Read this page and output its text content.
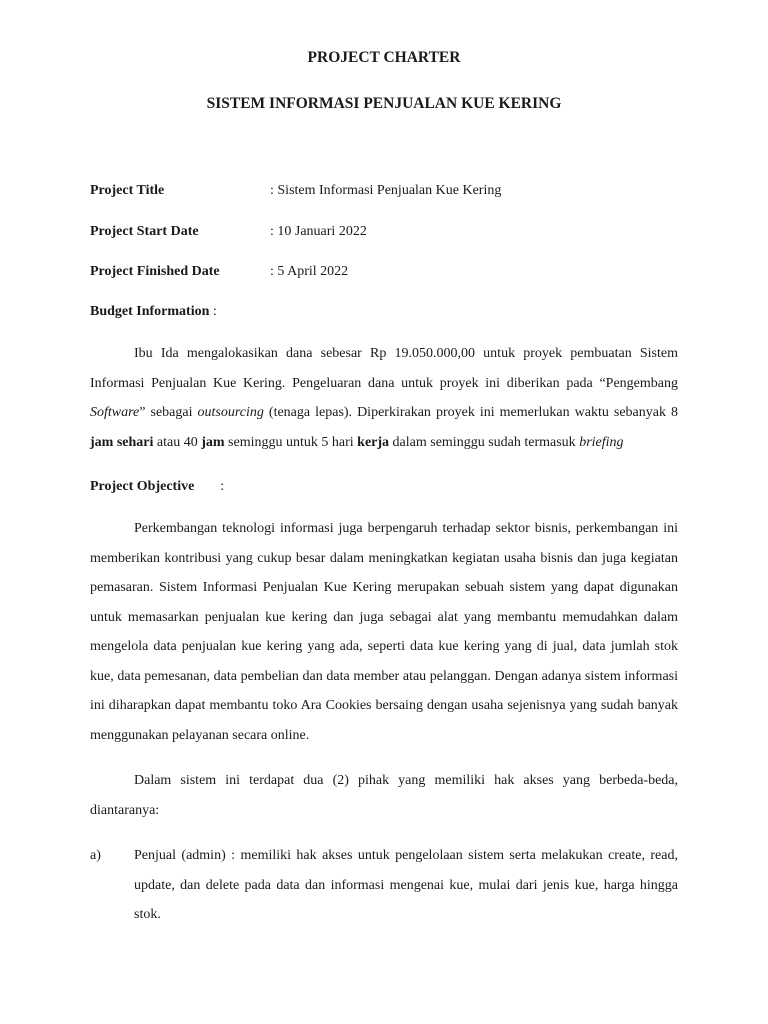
PROJECT CHARTER
SISTEM INFORMASI PENJUALAN KUE KERING
Project Title	: Sistem Informasi Penjualan Kue Kering
Project Start Date	: 10 Januari 2022
Project Finished Date	: 5 April 2022
Budget Information :

Ibu Ida mengalokasikan dana sebesar Rp 19.050.000,00 untuk proyek pembuatan Sistem Informasi Penjualan Kue Kering. Pengeluaran dana untuk proyek ini diberikan pada “Pengembang Software” sebagai outsourcing (tenaga lepas). Diperkirakan proyek ini memerlukan waktu sebanyak 8 jam sehari atau 40 jam seminggu untuk 5 hari kerja dalam seminggu sudah termasuk briefing

Project Objective :

Perkembangan teknologi informasi juga berpengaruh terhadap sektor bisnis, perkembangan ini memberikan kontribusi yang cukup besar dalam meningkatkan kegiatan usaha bisnis dan juga kegiatan pemasaran. Sistem Informasi Penjualan Kue Kering merupakan sebuah sistem yang dapat digunakan untuk memasarkan penjualan kue kering dan juga sebagai alat yang membantu memudahkan dalam mengelola data penjualan kue kering yang ada, seperti data kue kering yang di jual, data jumlah stok kue, data pemesanan, data pembelian dan data member atau pelanggan. Dengan adanya sistem informasi ini diharapkan dapat membantu toko Ara Cookies bersaing dengan usaha sejenisnya yang sudah banyak menggunakan pelayanan secara online.

Dalam sistem ini terdapat dua (2) pihak yang memiliki hak akses yang berbeda-beda, diantaranya:

a)	Penjual (admin) : memiliki hak akses untuk pengelolaan sistem serta melakukan create, read, update, dan delete pada data dan informasi mengenai kue, mulai dari jenis kue, harga hingga stok.
